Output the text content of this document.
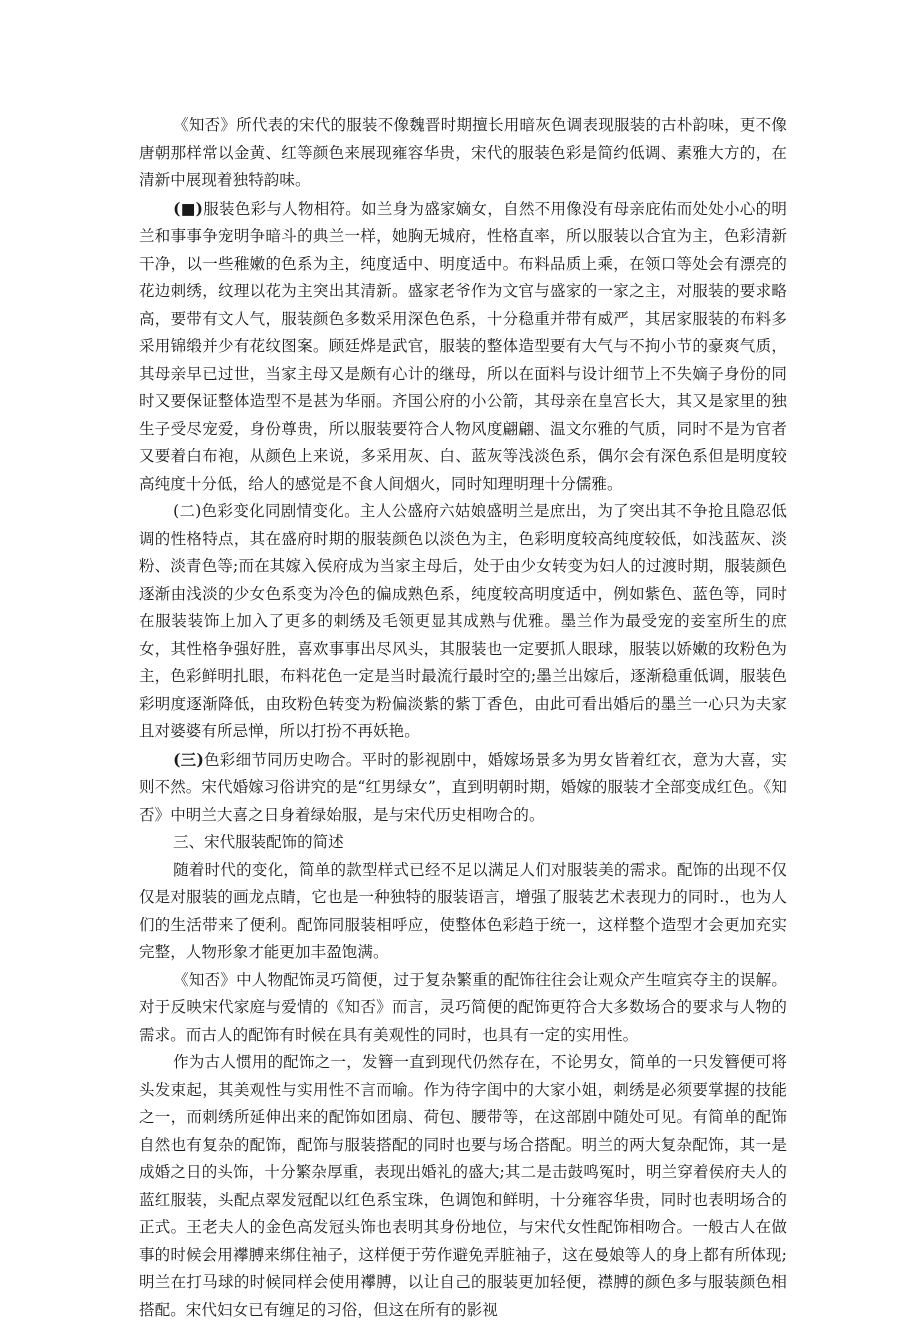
《知否》所代表的宋代的服装不像魏晋时期擅长用暗灰色调表现服装的古朴韵味，更不像唐朝那样常以金黄、红等颜色来展现雍容华贵，宋代的服装色彩是简约低调、素雅大方的，在清新中展现着独特韵味。

(■)服装色彩与人物相符。如兰身为盛家嫡女，自然不用像没有母亲庇佑而处处小心的明兰和事事争宠明争暗斗的典兰一样，她胸无城府，性格直率，所以服装以合宜为主，色彩清新干净，以一些稚嫩的色系为主，纯度适中、明度适中。布料品质上乘，在领口等处会有漂亮的花边刺绣，纹理以花为主突出其清新。盛家老爷作为文官与盛家的一家之主，对服装的要求略高，要带有文人气，服装颜色多数采用深色色系，十分稳重并带有威严，其居家服装的布料多采用锦缎并少有花纹图案。顾廷烨是武官，服装的整体造型要有大气与不拘小节的豪爽气质，其母亲早已过世，当家主母又是颇有心计的继母，所以在面料与设计细节上不失嫡子身份的同时又要保证整体造型不是甚为华丽。齐国公府的小公箭，其母亲在皇宫长大，其又是家里的独生子受尽宠爱，身份尊贵，所以服装要符合人物风度翩翩、温文尔雅的气质，同时不是为官者又要着白布袍，从颜色上来说，多采用灰、白、蓝灰等浅淡色系，偶尔会有深色系但是明度较高纯度十分低，给人的感觉是不食人间烟火，同时知理明理十分儒雅。

(二)色彩变化同剧情变化。主人公盛府六姑娘盛明兰是庶出，为了突出其不争抢且隐忍低调的性格特点，其在盛府时期的服装颜色以淡色为主，色彩明度较高纯度较低，如浅蓝灰、淡粉、淡青色等;而在其嫁入侯府成为当家主母后，处于由少女转变为妇人的过渡时期，服装颜色逐渐由浅淡的少女色系变为冷色的偏成熟色系，纯度较高明度适中，例如紫色、蓝色等，同时在服装装饰上加入了更多的刺绣及毛领更显其成熟与优雅。墨兰作为最受宠的妾室所生的庶女，其性格争强好胜，喜欢事事出尽风头，其服装也一定要抓人眼球，服装以娇嫩的玫粉色为主，色彩鲜明扎眼，布料花色一定是当时最流行最时空的;墨兰出嫁后，逐渐稳重低调，服装色彩明度逐渐降低，由玫粉色转变为粉偏淡紫的紫丁香色，由此可看出婚后的墨兰一心只为夫家且对婆婆有所忌惮，所以打扮不再妖艳。

(三)色彩细节同历史吻合。平时的影视剧中，婚嫁场景多为男女皆着红衣，意为大喜，实则不然。宋代婚嫁习俗讲究的是“红男绿女”，直到明朝时期，婚嫁的服装才全部变成红色。《知否》中明兰大喜之日身着绿始服，是与宋代历史相吻合的。

三、宋代服装配饰的简述

随着时代的变化，简单的款型样式已经不足以满足人们对服装美的需求。配饰的出现不仅仅是对服装的画龙点睛，它也是一种独特的服装语言，增强了服装艺术表现力的同时.，也为人们的生活带来了便利。配饰同服装相呼应，使整体色彩趋于统一，这样整个造型才会更加充实完整，人物形象才能更加丰盈饱满。

《知否》中人物配饰灵巧简便，过于复杂繁重的配饰往往会让观众产生喧宾夺主的误解。对于反映宋代家庭与爱情的《知否》而言，灵巧简便的配饰更符合大多数场合的要求与人物的需求。而古人的配饰有时候在具有美观性的同时，也具有一定的实用性。

作为古人惯用的配饰之一，发簪一直到现代仍然存在，不论男女，简单的一只发簪便可将头发束起，其美观性与实用性不言而喻。作为待字闺中的大家小姐，刺绣是必须要掌握的技能之一，而刺绣所延伸出来的配饰如团扇、荷包、腰带等，在这部剧中随处可见。有简单的配饰自然也有复杂的配饰，配饰与服装搭配的同时也要与场合搭配。明兰的两大复杂配饰，其一是成婚之日的头饰，十分繁杂厚重，表现出婚礼的盛大;其二是击鼓鸣冤时，明兰穿着侯府夫人的蓝红服装，头配点翠发冠配以红色系宝珠，色调饱和鲜明，十分雍容华贵，同时也表明场合的正式。王老夫人的金色高发冠头饰也表明其身份地位，与宋代女性配饰相吻合。一般古人在做事的时候会用襻膊来绑住袖子，这样便于劳作避免弄脏袖子，这在曼娘等人的身上都有所体现;明兰在打马球的时候同样会使用襻膊，以让自己的服装更加轻便，襟膊的颜色多与服装颜色相搭配。宋代妇女已有缠足的习俗，但这在所有的影视
